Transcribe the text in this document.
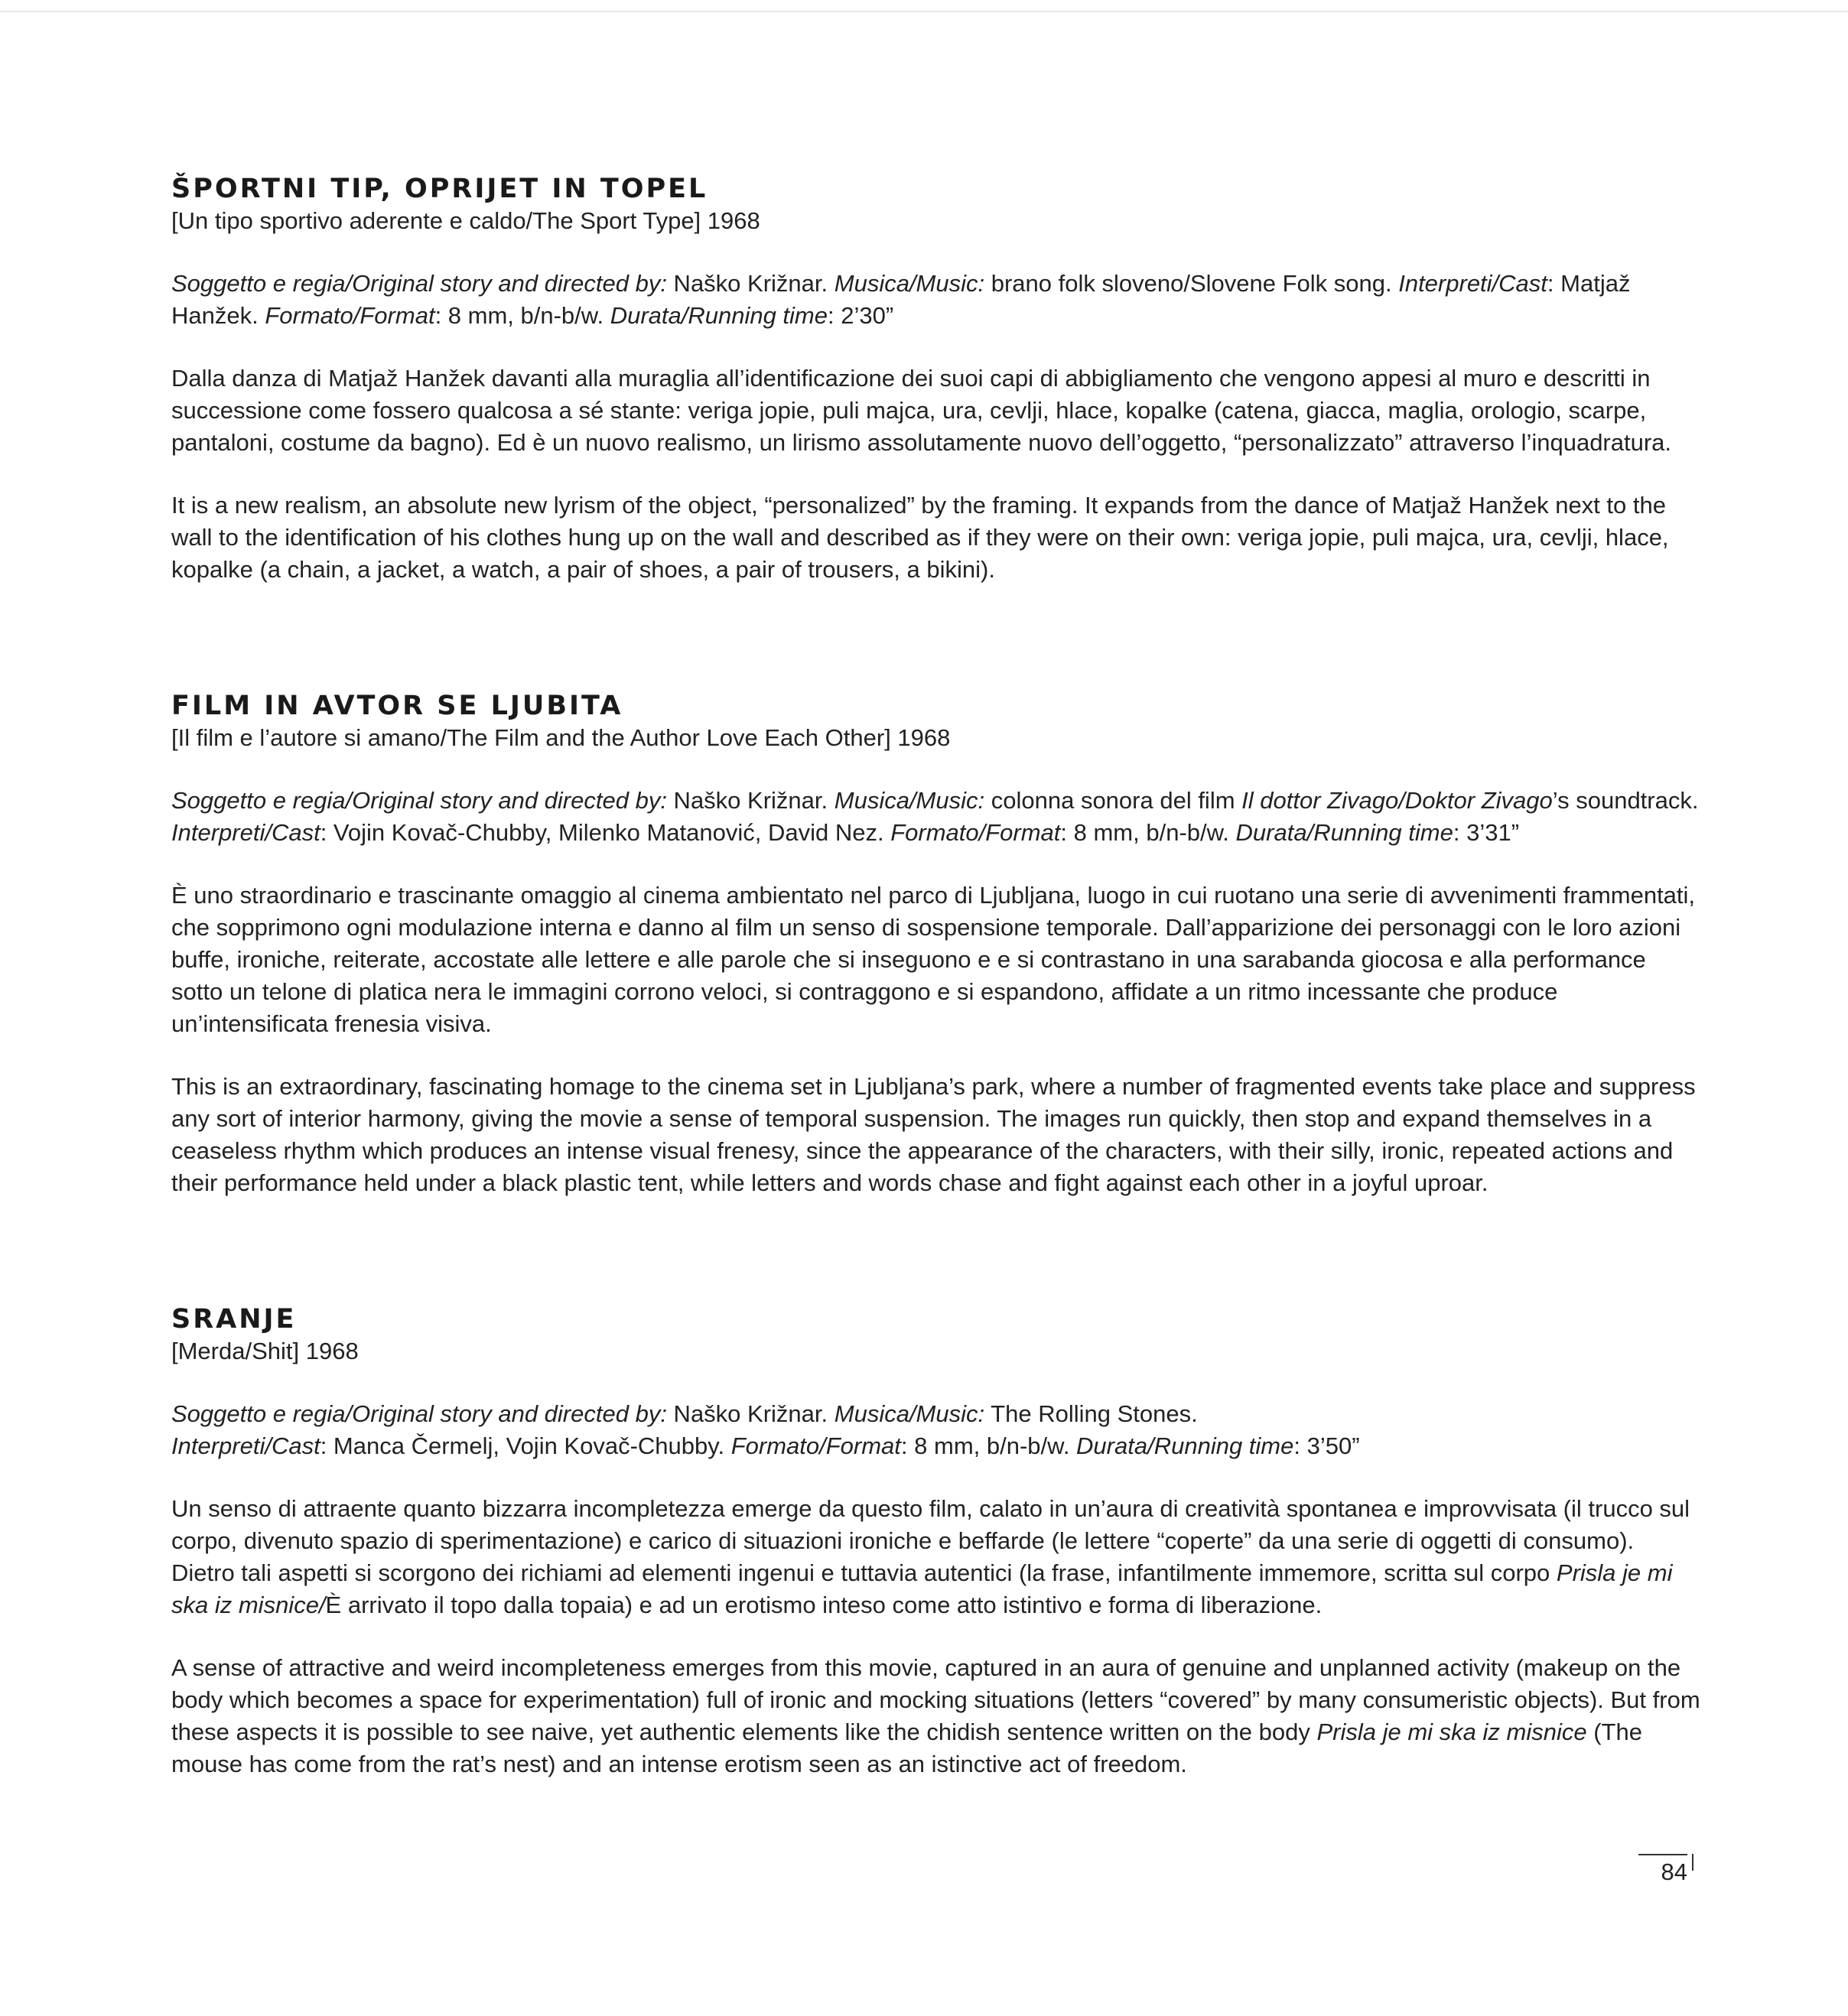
ŠPORTNI TIP, OPRIJET IN TOPEL

[Un tipo sportivo aderente e caldo/The Sport Type] 1968

Soggetto e regia/Original story and directed by: Naško Križnar. Musica/Music: brano folk sloveno/Slovene Folk song. Interpreti/Cast: Matjaž Hanžek. Formato/Format: 8 mm, b/n-b/w. Durata/Running time: 2’30”

Dalla danza di Matjaž Hanžek davanti alla muraglia all’identificazione dei suoi capi di abbigliamento che vengono appesi al muro e descritti in successione come fossero qualcosa a sé stante: veriga jopie, puli majca, ura, cevlji, hlace, kopalke (catena, giacca, maglia, orologio, scarpe, pantaloni, costume da bagno). Ed è un nuovo realismo, un lirismo assolutamente nuovo dell’oggetto, “personalizzato” attraverso l’inquadratura.

It is a new realism, an absolute new lyrism of the object, “personalized” by the framing. It expands from the dance of Matjaž Hanžek next to the wall to the identification of his clothes hung up on the wall and described as if they were on their own: veriga jopie, puli majca, ura, cevlji, hlace, kopalke (a chain, a jacket, a watch, a pair of shoes, a pair of trousers, a bikini).

FILM IN AVTOR SE LJUBITA

[Il film e l’autore si amano/The Film and the Author Love Each Other] 1968

Soggetto e regia/Original story and directed by: Naško Križnar. Musica/Music: colonna sonora del film Il dottor Zivago/Doktor Zivago’s soundtrack. Interpreti/Cast: Vojin Kovač-Chubby, Milenko Matanović, David Nez. Formato/Format: 8 mm, b/n-b/w. Durata/Running time: 3’31”

È uno straordinario e trascinante omaggio al cinema ambientato nel parco di Ljubljana, luogo in cui ruotano una serie di avvenimenti frammentati, che sopprimono ogni modulazione interna e danno al film un senso di sospensione temporale. Dall’apparizione dei personaggi con le loro azioni buffe, ironiche, reiterate, accostate alle lettere e alle parole che si inseguono e e si contrastano in una sarabanda giocosa e alla performance sotto un telone di platica nera le immagini corrono veloci, si contraggono e si espandono, affidate a un ritmo incessante che produce un’intensificata frenesia visiva.

This is an extraordinary, fascinating homage to the cinema set in Ljubljana’s park, where a number of fragmented events take place and suppress any sort of interior harmony, giving the movie a sense of temporal suspension. The images run quickly, then stop and expand themselves in a ceaseless rhythm which produces an intense visual frenesy, since the appearance of the characters, with their silly, ironic, repeated actions and their performance held under a black plastic tent, while letters and words chase and fight against each other in a joyful uproar.

SRANJE

[Merda/Shit] 1968

Soggetto e regia/Original story and directed by: Naško Križnar. Musica/Music: The Rolling Stones.
Interpreti/Cast: Manca Čermelj, Vojin Kovač-Chubby. Formato/Format: 8 mm, b/n-b/w. Durata/Running time: 3’50”

Un senso di attraente quanto bizzarra incompletezza emerge da questo film, calato in un’aura di creatività spontanea e improvvisata (il trucco sul corpo, divenuto spazio di sperimentazione) e carico di situazioni ironiche e beffarde (le lettere “coperte” da una serie di oggetti di consumo). Dietro tali aspetti si scorgono dei richiami ad elementi ingenui e tuttavia autentici (la frase, infantilmente immemore, scritta sul corpo Prisla je mi ska iz misnice/È arrivato il topo dalla topaia) e ad un erotismo inteso come atto istintivo e forma di liberazione.

A sense of attractive and weird incompleteness emerges from this movie, captured in an aura of genuine and unplanned activity (makeup on the body which becomes a space for experimentation) full of ironic and mocking situations (letters “covered” by many consumeristic objects). But from these aspects it is possible to see naive, yet authentic elements like the chidish sentence written on the body Prisla je mi ska iz misnice (The mouse has come from the rat’s nest) and an intense erotism seen as an istinctive act of freedom.

84
